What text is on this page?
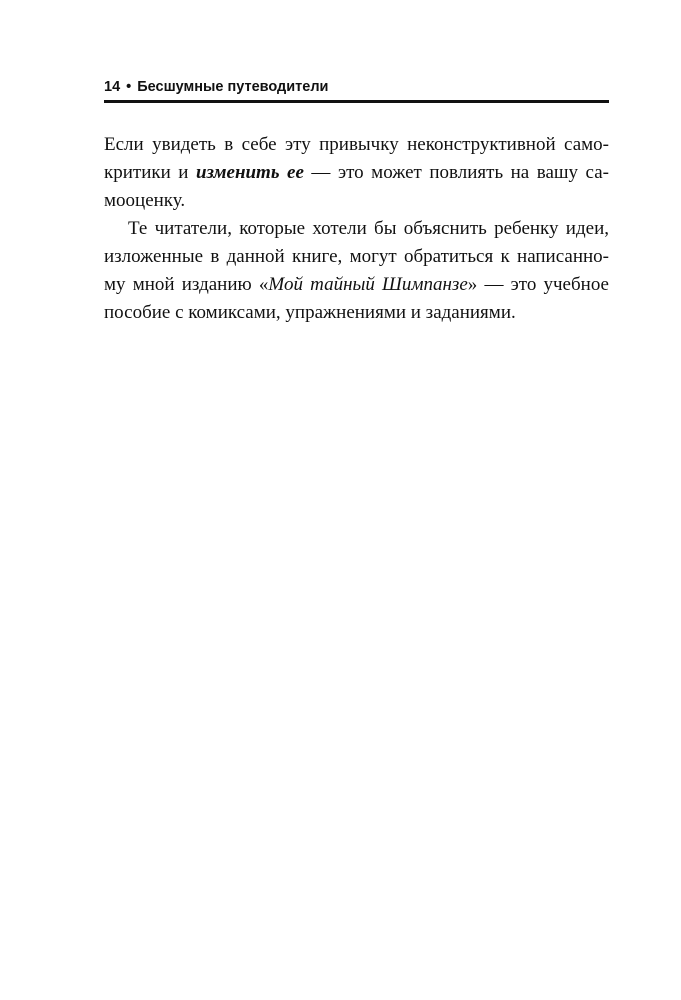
14 • Бесшумные путеводители
Если увидеть в себе эту привычку неконструктивной само-
критики и изменить ее — это может повлиять на вашу са-
мооценку.
Те читатели, которые хотели бы объяснить ребенку идеи,
изложенные в данной книге, могут обратиться к написанно-
му мной изданию «Мой тайный Шимпанзе» — это учебное
пособие с комиксами, упражнениями и заданиями.
